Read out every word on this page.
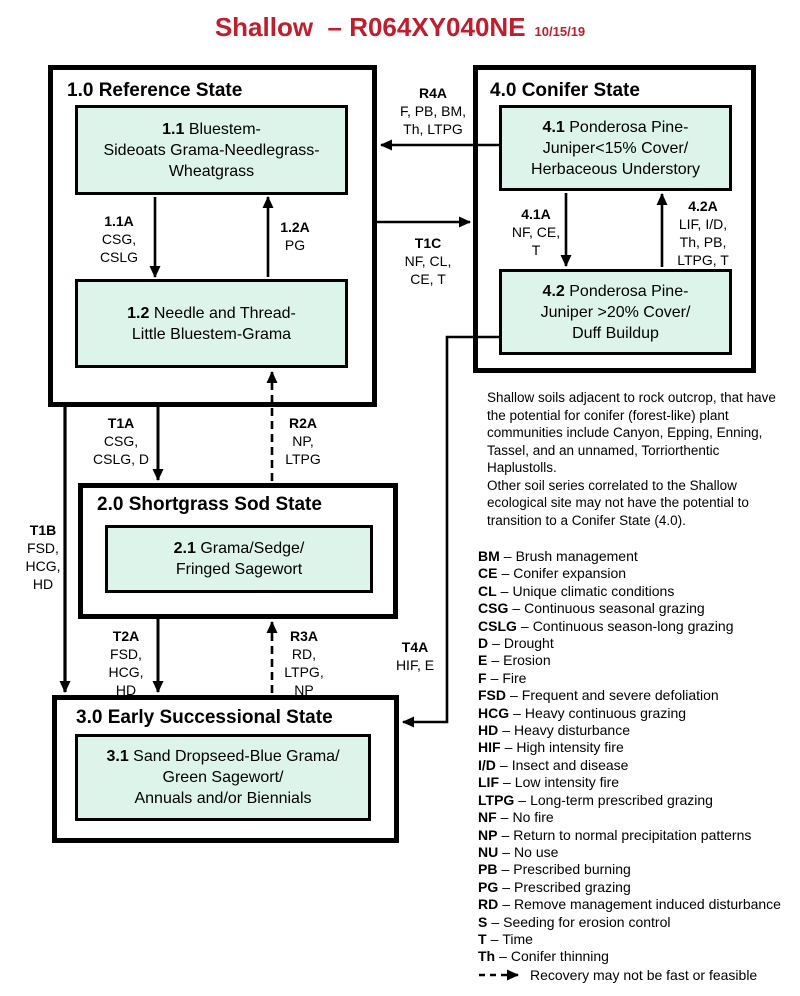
Shallow  – R064XY040NE 10/15/19
1.0 Reference State
1.1 Bluestem-
Sideoats Grama-Needlegrass-
Wheatgrass
1.2 Needle and Thread-
Little Bluestem-Grama
4.0 Conifer State
4.1 Ponderosa Pine-
Juniper<15% Cover/
Herbaceous Understory
4.2 Ponderosa Pine-
Juniper >20% Cover/
Duff Buildup
2.0 Shortgrass Sod State
2.1 Grama/Sedge/
Fringed Sagewort
3.0 Early Successional State
3.1 Sand Dropseed-Blue Grama/
Green Sagewort/
Annuals and/or Biennials
1.1A
CSG,
CSLG
1.2A
PG
4.1A
NF, CE,
T
4.2A
LIF, I/D,
Th, PB,
LTPG, T
R4A
F, PB, BM,
Th, LTPG
T1C
NF, CL,
CE, T
T1A
CSG,
CSLG, D
R2A
NP,
LTPG
T1B
FSD,
HCG,
HD
T2A
FSD,
HCG,
HD
R3A
RD,
LTPG,
NP
T4A
HIF, E
Shallow soils adjacent to rock outcrop, that have the potential for conifer (forest-like) plant communities include Canyon, Epping, Enning, Tassel, and an unnamed, Torriorthentic Haplustolls.
Other soil series correlated to the Shallow ecological site may not have the potential to transition to a Conifer State (4.0).
BM – Brush management
CE – Conifer expansion
CL – Unique climatic conditions
CSG – Continuous seasonal grazing
CSLG – Continuous season-long grazing
D – Drought
E – Erosion
F – Fire
FSD – Frequent and severe defoliation
HCG – Heavy continuous grazing
HD – Heavy disturbance
HIF – High intensity fire
I/D – Insect and disease
LIF – Low intensity fire
LTPG – Long-term prescribed grazing
NF – No fire
NP – Return to normal precipitation patterns
NU – No use
PB – Prescribed burning
PG – Prescribed grazing
RD – Remove management induced disturbance
S – Seeding for erosion control
T – Time
Th – Conifer thinning
Recovery may not be fast or feasible
